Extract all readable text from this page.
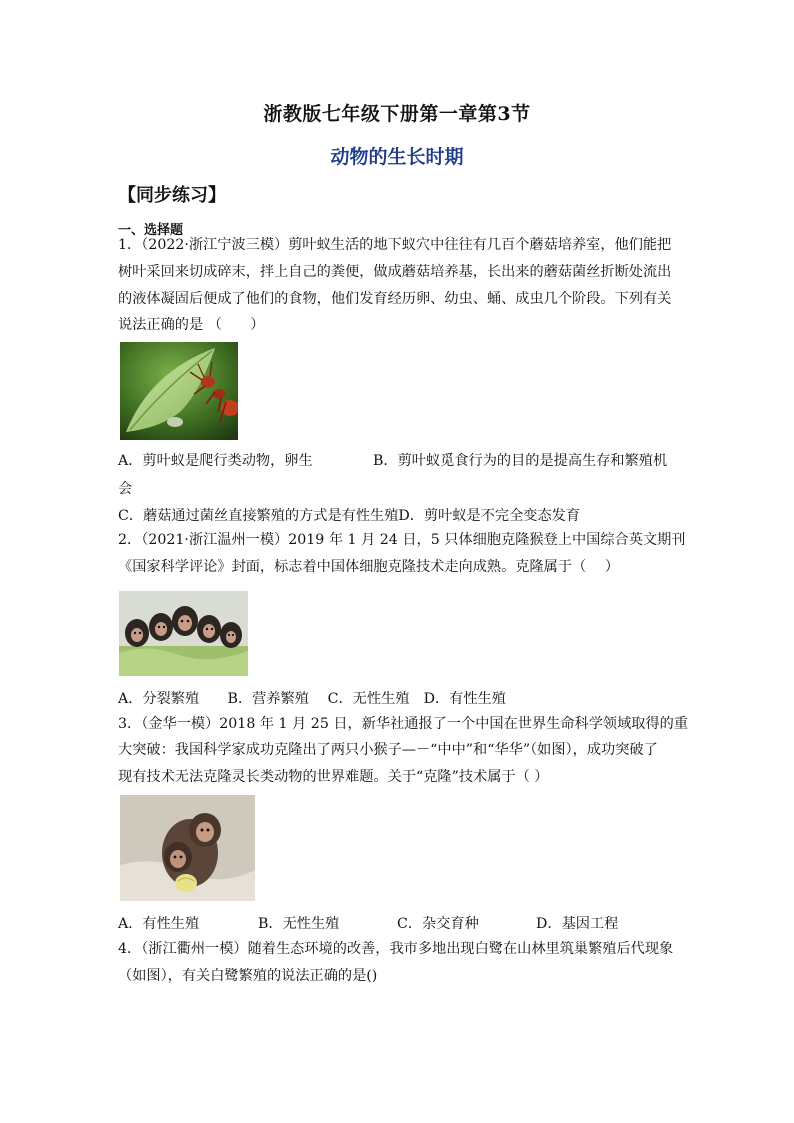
浙教版七年级下册第一章第3节
动物的生长时期
【同步练习】
一、选择题
1．（2022·浙江宁波三模）剪叶蚁生活的地下蚁穴中往往有几百个蘑菇培养室，他们能把
树叶采回来切成碎末，拌上自己的粪便，做成蘑菇培养基，长出来的蘑菇菌丝折断处流出
的液体凝固后便成了他们的食物，他们发育经历卵、幼虫、蛹、成虫几个阶段。下列有关
说法正确的是 （　　）
A．剪叶蚁是爬行类动物，卵生	B．剪叶蚁觅食行为的目的是提高生存和繁殖机
会
C．蘑菇通过菌丝直接繁殖的方式是有性生殖D．剪叶蚁是不完全变态发育
2．（2021·浙江温州一模）2019 年 1 月 24 日，5 只体细胞克隆猴登上中国综合英文期刊
《国家科学评论》封面，标志着中国体细胞克隆技术走向成熟。克隆属于（　 ）
A．分裂繁殖　　B．营养繁殖　 C．无性生殖　D．有性生殖
3．（金华一模）2018 年 1 月 25 日，新华社通报了一个中国在世界生命科学领域取得的重
大突破：我国科学家成功克隆出了两只小猴子—－“中中”和“华华”（如图），成功突破了
现有技术无法克隆灵长类动物的世界难题。关于“克隆”技术属于（ ）
A．有性生殖	B．无性生殖	C．杂交育种	D．基因工程
4．（浙江衢州一模）随着生态环境的改善，我市多地出现白鹭在山林里筑巢繁殖后代现象
（如图），有关白鹭繁殖的说法正确的是()
